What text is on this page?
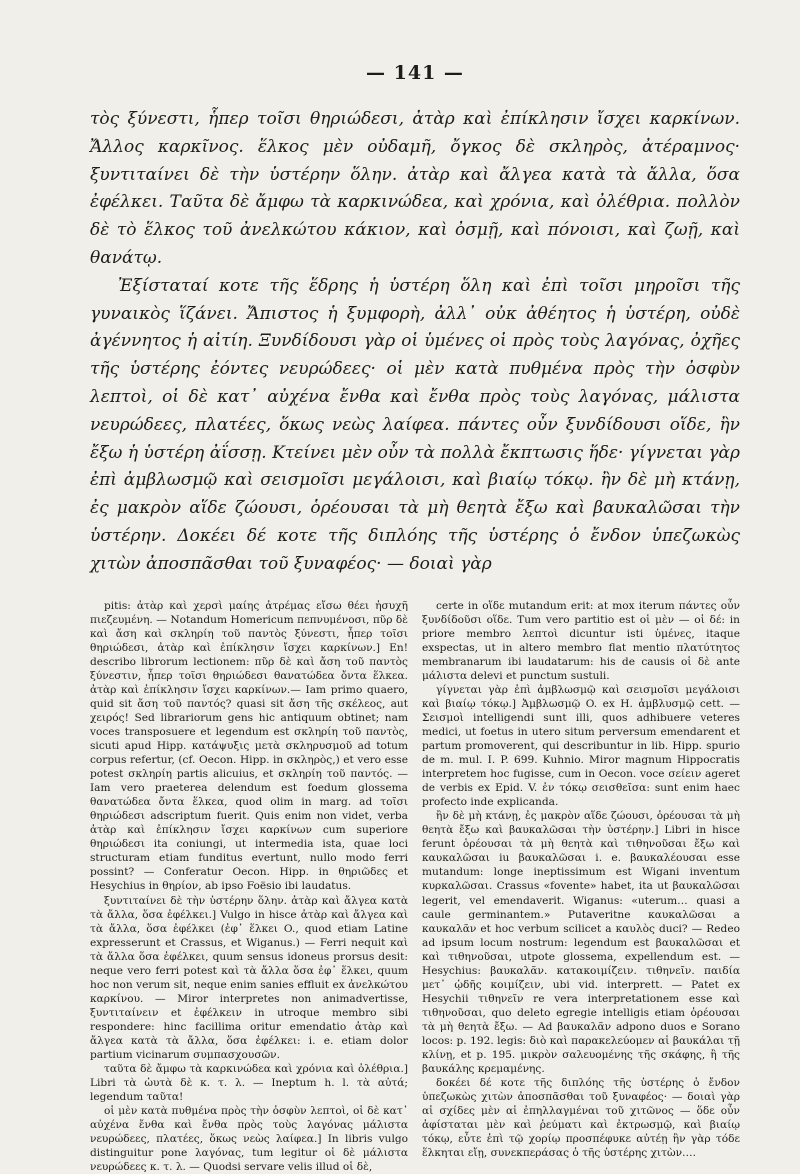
— 141 —

τὸς ξύνεστι, ἧπερ τοῖσι θηριώδεσι, ἀτὰρ καὶ ἐπίκλησιν ἴσχει καρκίνων. Ἄλλος καρκῖνος. ἕλκος μὲν οὐδαμῆ, ὄγκος δὲ σκληρὸς, ἀτέραμνος· ξυντιταίνει δὲ τὴν ὑστέρην ὅλην. ἀτὰρ καὶ ἄλγεα κατὰ τὰ ἄλλα, ὅσα ἐφέλκει. Ταῦτα δὲ ἄμφω τὰ καρκινώδεα, καὶ χρόνια, καὶ ὀλέθρια. πολλὸν δὲ τὸ ἕλκος τοῦ ἀνελκώτου κάκιον, καὶ ὀσμῇ, καὶ πόνοισι, καὶ ζωῇ, καὶ θανάτῳ.

Ἐξίσταταί κοτε τῆς ἕδρης ἡ ὑστέρη ὅλη καὶ ἐπὶ τοῖσι μηροῖσι τῆς γυναικὸς ἵζάνει. Ἄπιστος ἡ ξυμφορὴ, ἀλλ᾽ οὐκ ἀθέητος ἡ ὑστέρη, οὐδὲ ἀγέννητος ἡ αἰτίη. Ξυνδίδουσι γὰρ οἱ ὑμένες οἱ πρὸς τοὺς λαγόνας, ὀχῆες τῆς ὑστέρης ἐόντες νευρώδεες· οἱ μὲν κατὰ πυθμένα πρὸς τὴν ὀσφὺν λεπτοὶ, οἱ δὲ κατ᾽ αὐχένα ἔνθα καὶ ἔνθα πρὸς τοὺς λαγόνας, μάλιστα νευρώδεες, πλατέες, ὅκως νεὼς λαίφεα. πάντες οὖν ξυνδίδουσι οἵδε, ἢν ἔξω ἡ ὑστέρη ἀΐσσῃ. Κτείνει μὲν οὖν τὰ πολλὰ ἔκπτωσις ἥδε· γίγνεται γὰρ ἐπὶ ἀμβλωσμῷ καὶ σεισμοῖσι μεγάλοισι, καὶ βιαίῳ τόκῳ. ἢν δὲ μὴ κτάνῃ, ἐς μακρὸν αἵδε ζώουσι, ὁρέουσαι τὰ μὴ θεητὰ ἔξω καὶ βαυκαλῶσαι τὴν ὑστέρην. Δοκέει δέ κοτε τῆς διπλόης τῆς ὑστέρης ὁ ἔνδον ὑπεζωκὼς χιτὼν ἀποσπᾶσθαι τοῦ ξυναφέος· — δοιαὶ γὰρ

pitis: ἀτὰρ καὶ χερσὶ μαίης ἀτρέμας εἴσω θέει ἠσυχῆ πιεζευμένη. — Notandum Homericum πεπνυμένοσι, πῦρ δὲ καὶ ἄση καὶ σκληρίη τοῦ παντὸς ξύνεστι, ἧπερ τοῖσι θηριώδεσι, ἀτὰρ καὶ ἐπίκλησιν ἴσχει καρκίνων.] En! describo librorum lectionem: πῦρ δὲ καὶ ἄση τοῦ παντὸς ξύνεστιν, ἧπερ τοῖσι θηριώδεσι θανατώδεα ὄντα ἕλκεα. ἀτὰρ καὶ ἐπίκλησιν ἴσχει καρκίνων.— Iam primo quaero, quid sit ἄση τοῦ παντός? quasi sit ἄση τῆς σκέλεος, aut χειρός! Sed librariorum gens hic antiquum obtinet; nam voces transposuere et legendum est σκληρίη τοῦ παντὸς, sicuti apud Hipp. κατάψυξις μετὰ σκληρυσμοῦ ad totum corpus refertur, (cf. Oecon. Hipp. in σκληρὸς,) et vero esse potest σκληρίη partis alicuius, et σκληρίη τοῦ παντός. — Iam vero praeterea delendum est foedum glossema θανατώδεα ὄντα ἕλκεα, quod olim in marg. ad τοῖσι θηριώδεσι adscriptum fuerit. Quis enim non videt, verba ἀτὰρ καὶ ἐπίκλησιν ἴσχει καρκίνων cum superiore θηριώδεσι ita coniungi, ut intermedia ista, quae loci structuram etiam funditus evertunt, nullo modo ferri possint? — Conferatur Oecon. Hipp. in θηριῶδες et Hesychius in θηρίον, ab ipso Foësio ibi laudatus.

ξυντιταίνει δὲ τὴν ὑστέρην ὅλην. ἀτὰρ καὶ ἄλγεα κατὰ τὰ ἄλλα, ὅσα ἐφέλκει.] Vulgo in hisce ἀτὰρ καὶ ἄλγεα καὶ τὰ ἄλλα, ὅσα ἐφέλκει (ἐφ᾽ ἕλκει O., quod etiam Latine expresserunt et Crassus, et Wiganus.) — Ferri nequit καὶ τὰ ἄλλα ὅσα ἐφέλκει, quum sensus idoneus prorsus desit: neque vero ferri potest καὶ τὰ ἄλλα ὅσα ἐφ᾽ ἕλκει, quum hoc non verum sit, neque enim sanies effluit ex ἀνελκώτου καρκίνου. — Miror interpretes non animadvertisse, ξυντιταίνειν et ἐφέλκειν in utroque membro sibi respondere: hinc facillima oritur emendatio ἀτὰρ καὶ ἄλγεα κατὰ τὰ ἄλλα, ὅσα ἐφέλκει: i. e. etiam dolor partium vicinarum συμπασχουσῶν.

ταῦτα δὲ ἄμφω τὰ καρκινώδεα καὶ χρόνια καὶ ὀλέθρια.] Libri τὰ ὡυτὰ δὲ κ. τ. λ. — Ineptum h. l. τὰ αὐτά; legendum ταῦτα!

οἱ μὲν κατὰ πυθμένα πρὸς τὴν ὀσφὺν λεπτοὶ, οἱ δὲ κατ᾽ αὐχένα ἔνθα καὶ ἔνθα πρὸς τοὺς λαγόνας μάλιστα νευρώδεες, πλατέες, ὅκως νεὼς λαίφεα.] In libris vulgo distinguitur pone λαγόνας, tum legitur οἱ δὲ μάλιστα νευρώδεες κ. τ. λ. — Quodsi servare velis illud οἱ δὲ,

certe in οἵδε mutandum erit: at mox iterum πάντες οὖν ξυνδίδοῦσι οἵδε. Tum vero partitio est οἱ μὲν — οἱ δέ: in priore membro λεπτοὶ dicuntur isti ὑμένες, itaque exspectas, ut in altero membro flat mentio πλατύτητος membranarum ibi laudatarum: his de causis οἱ δὲ ante μάλιστα delevi et punctum sustuli.

γίγνεται γὰρ ἐπὶ ἀμβλωσμῷ καὶ σεισμοῖσι μεγάλοισι καὶ βιαίῳ τόκῳ.] Ἀμβλωσμῷ O. ex H. ἀμβλυσμῷ cett. — Σεισμοὶ intelligendi sunt illi, quos adhibuere veteres medici, ut foetus in utero situm perversum emendarent et partum promoverent, qui describuntur in lib. Hipp. spurio de m. mul. I. P. 699. Kuhnio. Miror magnum Hippocratis interpretem hoc fugisse, cum in Oecon. voce σείειν ageret de verbis ex Epid. V. ἐν τόκῳ σεισθεῖσα: sunt enim haec profecto inde explicanda.

ἢν δὲ μὴ κτάνῃ, ἐς μακρὸν αἵδε ζώουσι, ὁρέουσαι τὰ μὴ θεητὰ ἔξω καὶ βαυκαλῶσαι τὴν ὑστέρην.] Libri in hisce ferunt ὁρέουσαι τὰ μὴ θεητὰ καὶ τιθηνοῦσαι ἔξω καὶ καυκαλῶσαι iu βαυκαλῶσαι i. e. βαυκαλέουσαι esse mutandum: longe ineptissimum est Wigani inventum κυρκαλῶσαι. Crassus «fovente» habet, ita ut βαυκαλῶσαι legerit, vel emendaverit. Wiganus: «uterum… quasi a caule germinantem.» Putaveritne καυκαλῶσαι a καυκαλᾶν et hoc verbum scilicet a καυλὸς duci? — Redeo ad ipsum locum nostrum: legendum est βαυκαλῶσαι et καὶ τιθηνοῦσαι, utpote glossema, expellendum est. — Hesychius: βαυκαλᾶν. κατακοιμίζειν. τιθηνεῖν. παιδία μετ᾽ ᾠδῆς κοιμίζειν, ubi vid. interprett. — Patet ex Hesychii τιθηνεῖν re vera interpretationem esse καὶ τιθηνοῦσαι, quo deleto egregie intelligis etiam ὁρέουσαι τὰ μὴ θεητὰ ἔξω. — Ad βαυκαλᾶν adpono duos e Sorano locos: p. 192. legis: διὸ καὶ παρακελεύομεν αἱ βαυκάλαι τῇ κλίνῃ, et p. 195. μικρὸν σαλευομένης τῆς σκάφης, ἢ τῆς βαυκάλης κρεμαμένης.

δοκέει δέ κοτε τῆς διπλόης τῆς ὑστέρης ὁ ἔνδον ὑπεζωκὼς χιτὼν ἀποσπᾶσθαι τοῦ ξυναφέος· — δοιαὶ γὰρ αἱ σχίδες μὲν αἱ ἐπηλλαγμέναι τοῦ χιτῶνος — ὅδε οὖν ἀφίσταται μὲν καὶ ῥεύματι καὶ ἐκτρωσμῷ, καὶ βιαίῳ τόκῳ, εὖτε ἐπὶ τῷ χορίῳ προσπέφυκε αὐτέῃ ἢν γὰρ τόδε ἕλκηται εἴῃ, συνεκπεράσας ὁ τῆς ὑστέρης χιτὼν….
